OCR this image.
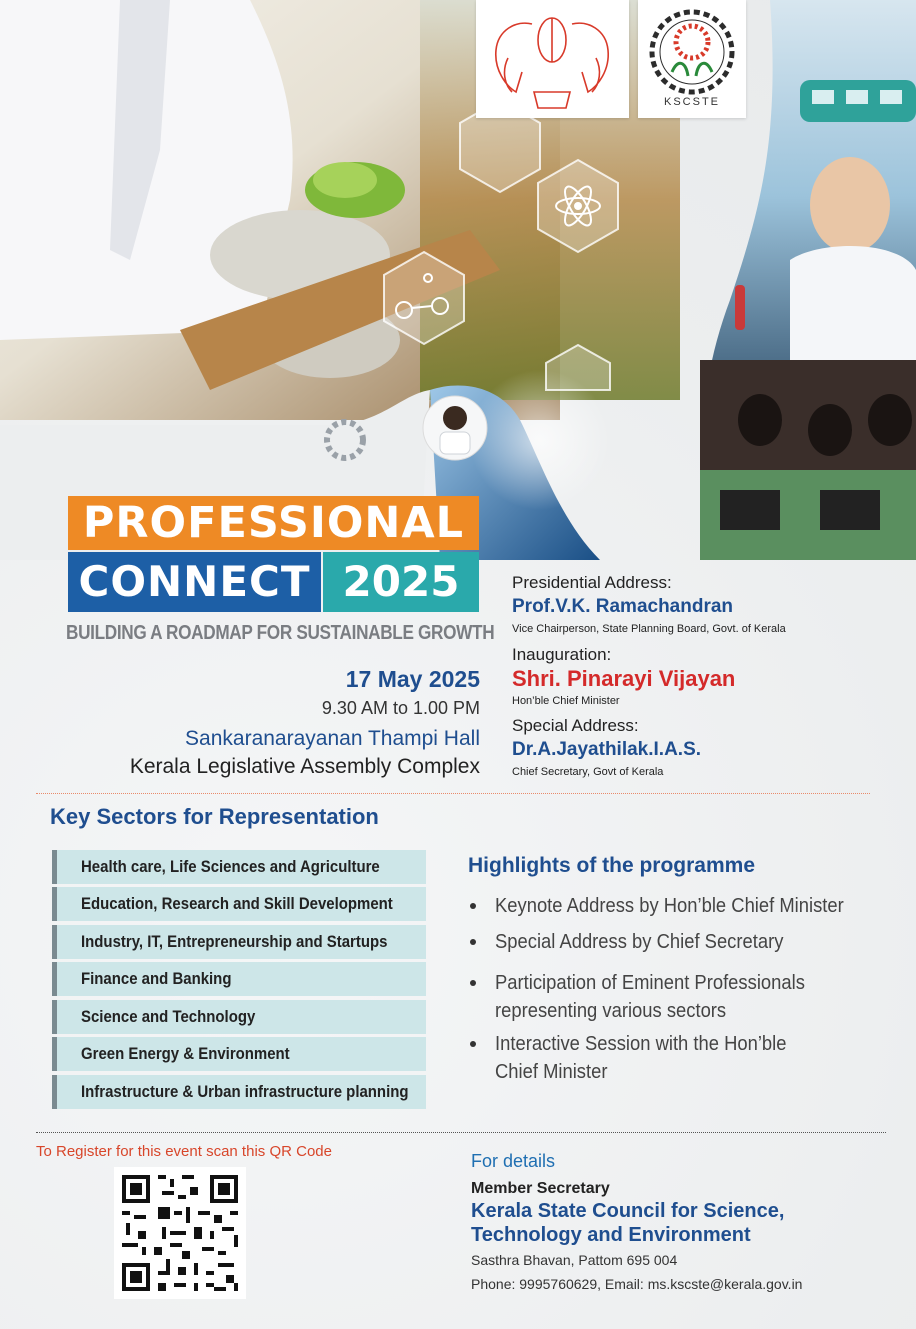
KSCSTE
PROFESSIONAL
CONNECT 2025
BUILDING A ROADMAP FOR SUSTAINABLE GROWTH
17 May 2025
9.30 AM to 1.00 PM
Sankaranarayanan Thampi Hall
Kerala Legislative Assembly Complex
Presidential Address:
Prof.V.K. Ramachandran
Vice Chairperson, State Planning Board, Govt. of Kerala
Inauguration:
Shri. Pinarayi Vijayan
Hon’ble Chief Minister
Special Address:
Dr.A.Jayathilak.I.A.S.
Chief Secretary, Govt of Kerala
Key Sectors for Representation
Health care, Life Sciences and Agriculture
Education, Research and Skill Development
Industry, IT, Entrepreneurship and Startups
Finance and Banking
Science and Technology
Green Energy & Environment
Infrastructure & Urban infrastructure planning
Highlights of the programme
Keynote Address by Hon’ble Chief Minister
Special Address by Chief Secretary
Participation of Eminent Professionals
representing various sectors
Interactive Session with the Hon’ble
Chief Minister
To Register for this event scan this QR Code	For details
Member Secretary
Kerala State Council for Science,
Technology and Environment
Sasthra Bhavan, Pattom 695 004
Phone: 9995760629, Email: ms.kscste@kerala.gov.in
